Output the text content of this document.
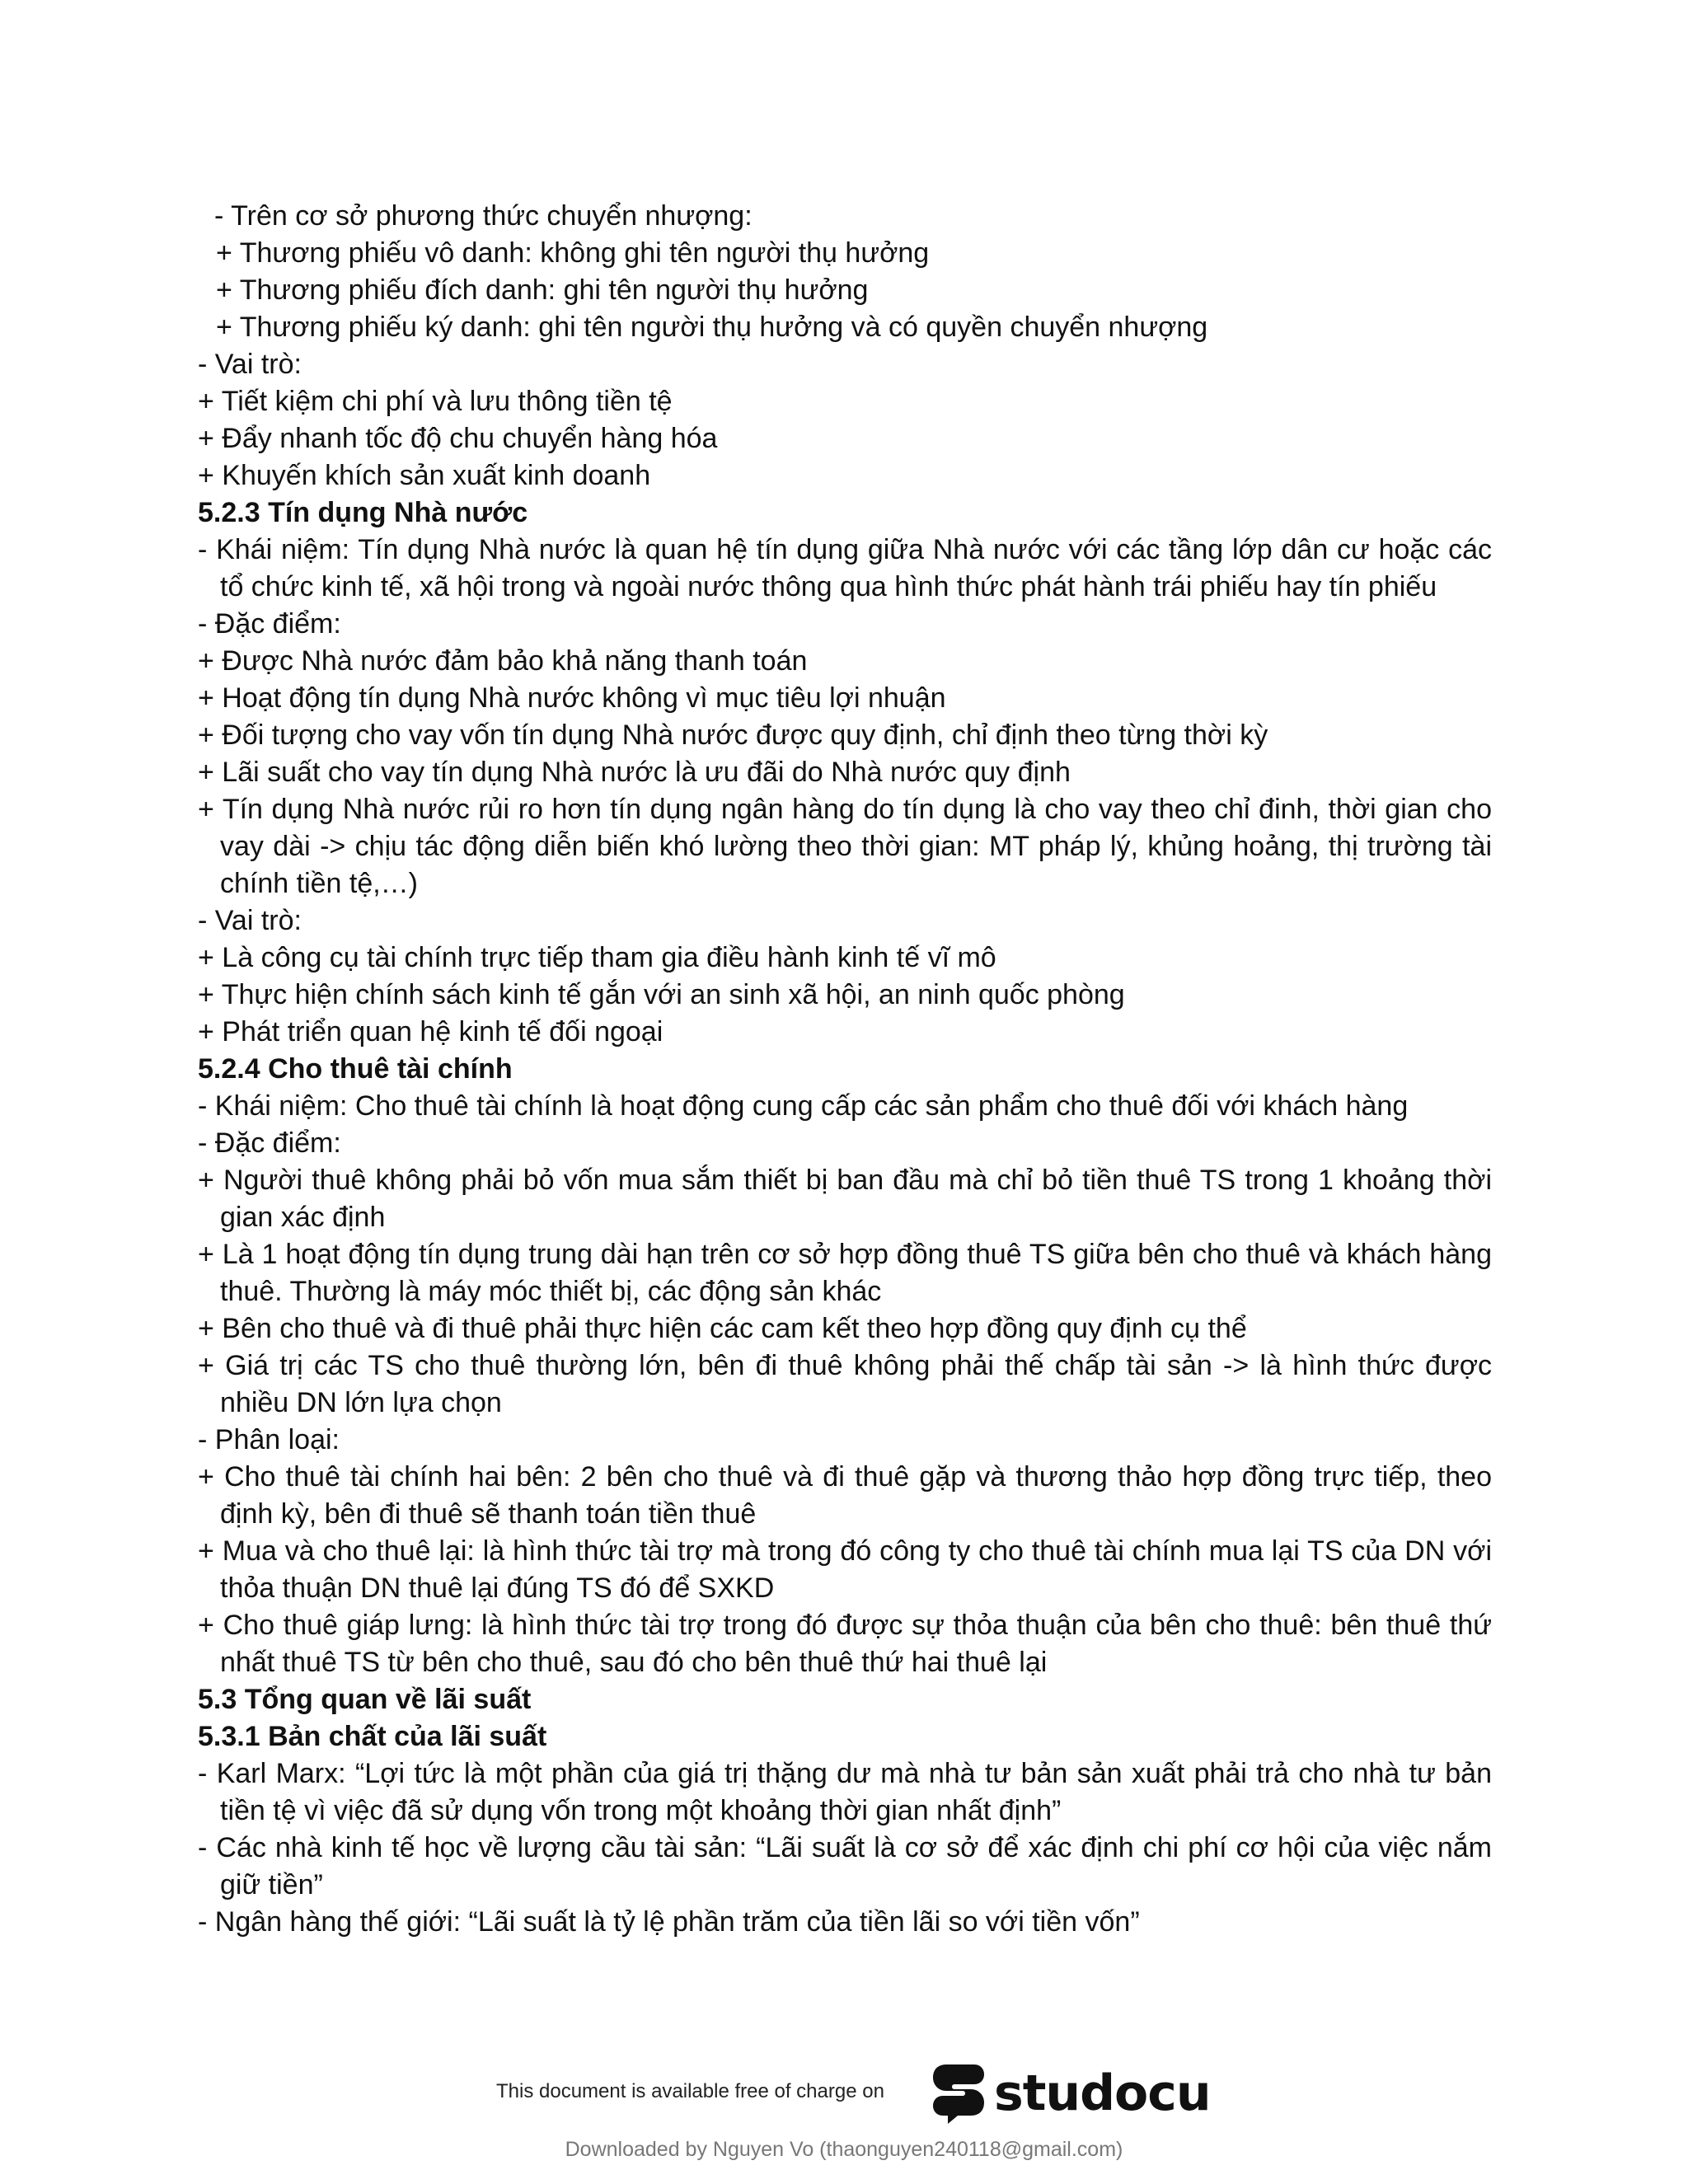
- Trên cơ sở phương thức chuyển nhượng:
+ Thương phiếu vô danh: không ghi tên người thụ hưởng
+ Thương phiếu đích danh: ghi tên người thụ hưởng
+ Thương phiếu ký danh: ghi tên người thụ hưởng và có quyền chuyển nhượng
- Vai trò:
+ Tiết kiệm chi phí và lưu thông tiền tệ
+ Đẩy nhanh tốc độ chu chuyển hàng hóa
+ Khuyến khích sản xuất kinh doanh
5.2.3 Tín dụng Nhà nước
- Khái niệm: Tín dụng Nhà nước là quan hệ tín dụng giữa Nhà nước với các tầng lớp dân cư hoặc các tổ chức kinh tế, xã hội trong và ngoài nước thông qua hình thức phát hành trái phiếu hay tín phiếu
- Đặc điểm:
+ Được Nhà nước đảm bảo khả năng thanh toán
+ Hoạt động tín dụng Nhà nước không vì mục tiêu lợi nhuận
+ Đối tượng cho vay vốn tín dụng Nhà nước được quy định, chỉ định theo từng thời kỳ
+ Lãi suất cho vay tín dụng Nhà nước là ưu đãi do Nhà nước quy định
+ Tín dụng Nhà nước rủi ro hơn tín dụng ngân hàng do tín dụng là cho vay theo chỉ đinh, thời gian cho vay dài -> chịu tác động diễn biến khó lường theo thời gian: MT pháp lý, khủng hoảng, thị trường tài chính tiền tệ,…)
- Vai trò:
+ Là công cụ tài chính trực tiếp tham gia điều hành kinh tế vĩ mô
+ Thực hiện chính sách kinh tế gắn với an sinh xã hội, an ninh quốc phòng
+ Phát triển quan hệ kinh tế đối ngoại
5.2.4 Cho thuê tài chính
- Khái niệm: Cho thuê tài chính là hoạt động cung cấp các sản phẩm cho thuê đối với khách hàng
- Đặc điểm:
+ Người thuê không phải bỏ vốn mua sắm thiết bị ban đầu mà chỉ bỏ tiền thuê TS trong 1 khoảng thời gian xác định
+ Là 1 hoạt động tín dụng trung dài hạn trên cơ sở hợp đồng thuê TS giữa bên cho thuê và khách hàng thuê. Thường là máy móc thiết bị, các động sản khác
+ Bên cho thuê và đi thuê phải thực hiện các cam kết theo hợp đồng quy định cụ thể
+ Giá trị các TS cho thuê thường lớn, bên đi thuê không phải thế chấp tài sản -> là hình thức được nhiều DN lớn lựa chọn
- Phân loại:
+ Cho thuê tài chính hai bên: 2 bên cho thuê và đi thuê gặp và thương thảo hợp đồng trực tiếp, theo định kỳ, bên đi thuê sẽ thanh toán tiền thuê
+ Mua và cho thuê lại: là hình thức tài trợ mà trong đó công ty cho thuê tài chính mua lại TS của DN với thỏa thuận DN thuê lại đúng TS đó để SXKD
+ Cho thuê giáp lưng: là hình thức tài trợ trong đó được sự thỏa thuận của bên cho thuê: bên thuê thứ nhất thuê TS từ bên cho thuê, sau đó cho bên thuê thứ hai thuê lại
5.3 Tổng quan về lãi suất
5.3.1 Bản chất của lãi suất
- Karl Marx: “Lợi tức là một phần của giá trị thặng dư mà nhà tư bản sản xuất phải trả cho nhà tư bản tiền tệ vì việc đã sử dụng vốn trong một khoảng thời gian nhất định”
- Các nhà kinh tế học về lượng cầu tài sản: “Lãi suất là cơ sở để xác định chi phí cơ hội của việc nắm giữ tiền”
- Ngân hàng thế giới: “Lãi suất là tỷ lệ phần trăm của tiền lãi so với tiền vốn”
This document is available free of charge on studocu
Downloaded by Nguyen Vo (thaonguyen240118@gmail.com)
